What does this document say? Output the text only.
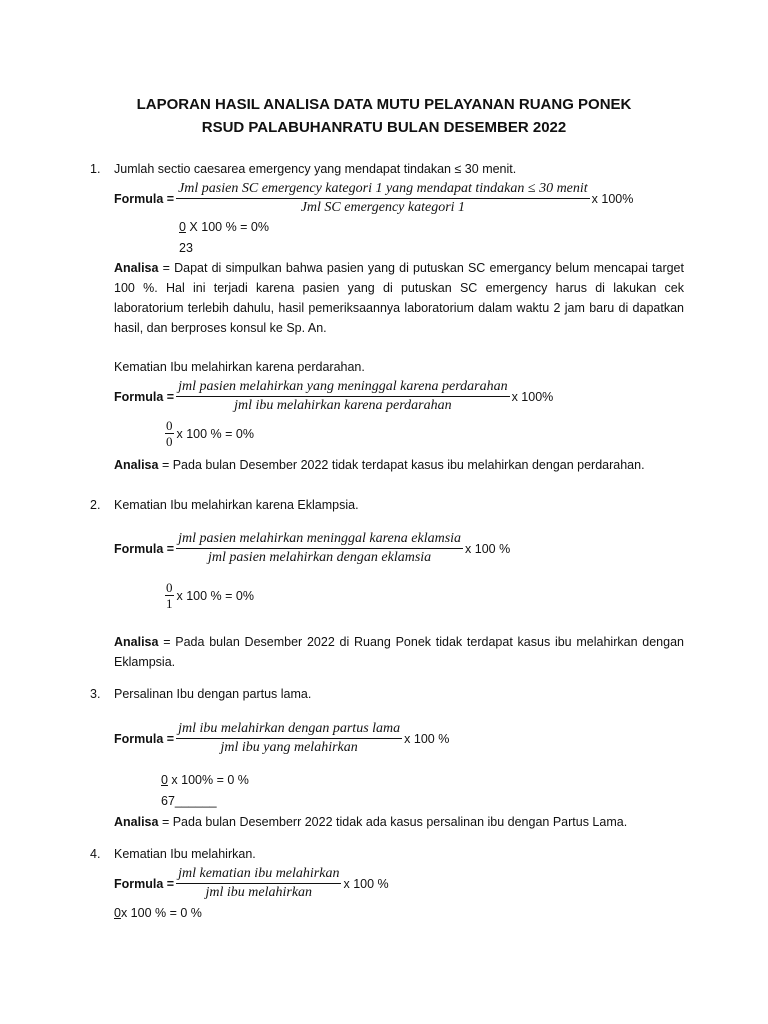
LAPORAN HASIL ANALISA DATA MUTU PELAYANAN RUANG PONEK
RSUD PALABUHANRATU BULAN DESEMBER 2022
1. Jumlah sectio caesarea emergency yang mendapat tindakan ≤ 30 menit.
Formula =
Jml pasien SC emergency kategori 1 yang mendapat tindakan ≤ 30 menit
Jml SC emergency kategori 1
x 100%
0 X 100 % = 0%
23
Analisa = Dapat di simpulkan bahwa pasien yang di putuskan SC emergancy belum mencapai target 100 %. Hal ini terjadi karena pasien yang di putuskan SC emergency harus di lakukan cek laboratorium terlebih dahulu, hasil pemeriksaannya laboratorium dalam waktu 2 jam baru di dapatkan hasil, dan berproses konsul ke Sp. An.
Kematian Ibu melahirkan karena perdarahan.
Formula = $\frac{\text{jml pasien melahirkan yang meninggal karena perdarahan}}{\text{jml ibu melahirkan karena perdarahan}}$ x 100%
$\frac{0}{0}$ x 100 % = 0%
Analisa = Pada bulan Desember 2022 tidak terdapat kasus ibu melahirkan dengan perdarahan.
2. Kematian Ibu melahirkan karena Eklampsia.
Formula = $\frac{\text{jml pasien melahirkan meninggal karena eklamsia}}{\text{jml pasien melahirkan dengan eklamsia}}$ x 100 %
$\frac{0}{1}$ x 100 % = 0%
Analisa = Pada bulan Desember 2022 di Ruang Ponek tidak terdapat kasus ibu melahirkan dengan Eklampsia.
3. Persalinan Ibu dengan partus lama.
Formula = $\frac{\text{jml ibu melahirkan dengan partus lama}}{\text{jml ibu yang melahirkan}}$ x 100 %
0 x 100% = 0 %
67______
Analisa = Pada bulan Desemberr 2022 tidak ada kasus persalinan ibu dengan Partus Lama.
4. Kematian Ibu melahirkan.
Formula = $\frac{\text{jml kematian ibu melahirkan}}{\text{jml ibu melahirkan}}$ x 100 %
0x 100 % = 0 %
